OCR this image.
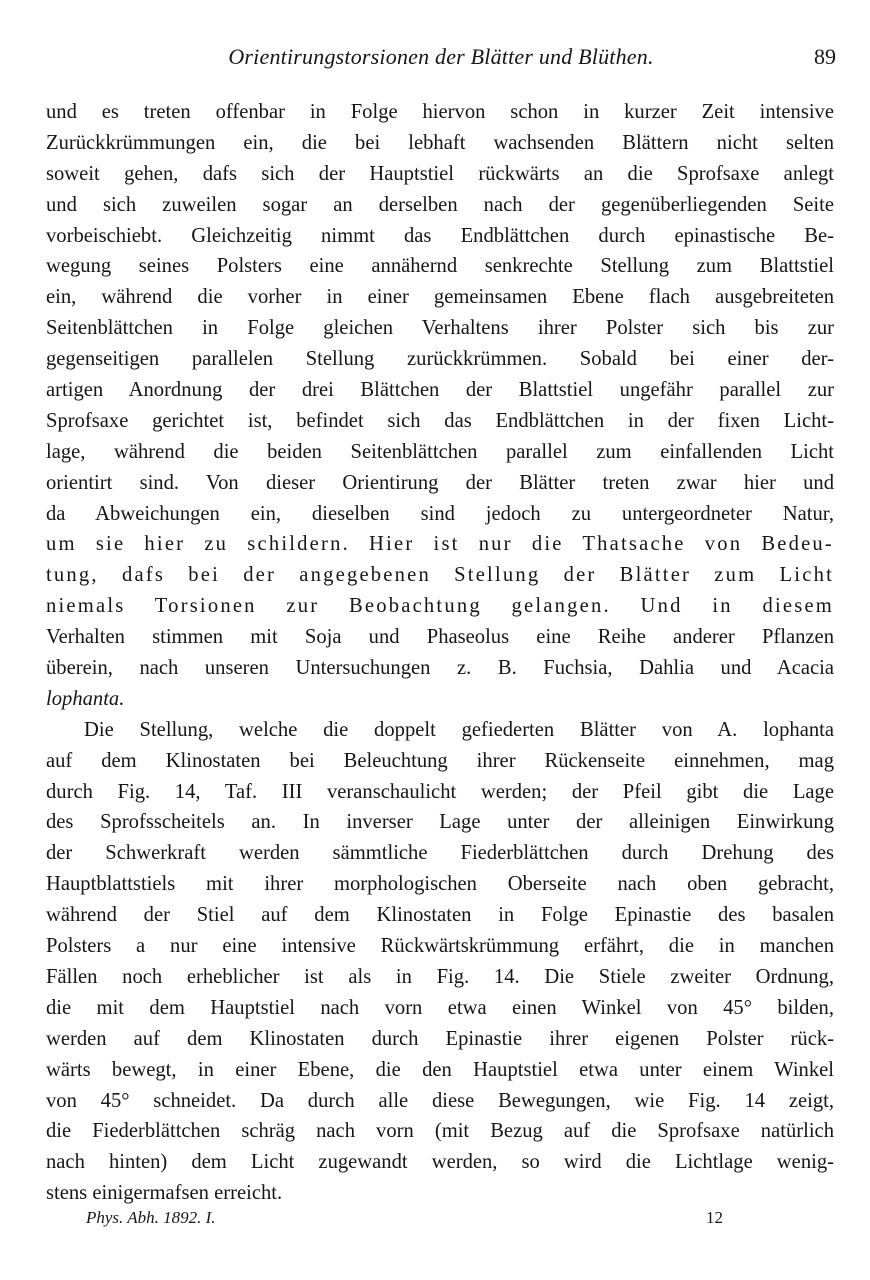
Orientirungstorsionen der Blätter und Blüthen.	89
und es treten offenbar in Folge hiervon schon in kurzer Zeit intensive
Zurückkrümmungen ein, die bei lebhaft wachsenden Blättern nicht selten
soweit gehen, dafs sich der Hauptstiel rückwärts an die Sprofsaxe anlegt
und sich zuweilen sogar an derselben nach der gegenüberliegenden Seite
vorbeischiebt. Gleichzeitig nimmt das Endblättchen durch epinastische Be-
wegung seines Polsters eine annähernd senkrechte Stellung zum Blattstiel
ein, während die vorher in einer gemeinsamen Ebene flach ausgebreiteten
Seitenblättchen in Folge gleichen Verhaltens ihrer Polster sich bis zur
gegenseitigen parallelen Stellung zurückkrümmen. Sobald bei einer der-
artigen Anordnung der drei Blättchen der Blattstiel ungefähr parallel zur
Sprofsaxe gerichtet ist, befindet sich das Endblättchen in der fixen Licht-
lage, während die beiden Seitenblättchen parallel zum einfallenden Licht
orientirt sind. Von dieser Orientirung der Blätter treten zwar hier und
da Abweichungen ein, dieselben sind jedoch zu untergeordneter Natur,
um sie hier zu schildern. Hier ist nur die Thatsache von Bedeu-
tung, dafs bei der angegebenen Stellung der Blätter zum Licht
niemals Torsionen zur Beobachtung gelangen. Und in diesem
Verhalten stimmen mit Soja und Phaseolus eine Reihe anderer Pflanzen
überein, nach unseren Untersuchungen z. B. Fuchsia, Dahlia und Acacia
lophanta.
Die Stellung, welche die doppelt gefiederten Blätter von A. lophanta
auf dem Klinostaten bei Beleuchtung ihrer Rückenseite einnehmen, mag
durch Fig. 14, Taf. III veranschaulicht werden; der Pfeil gibt die Lage
des Sprofsscheitels an. In inverser Lage unter der alleinigen Einwirkung
der Schwerkraft werden sämmtliche Fiederblättchen durch Drehung des
Hauptblattstiels mit ihrer morphologischen Oberseite nach oben gebracht,
während der Stiel auf dem Klinostaten in Folge Epinastie des basalen
Polsters a nur eine intensive Rückwärtskrümmung erfährt, die in manchen
Fällen noch erheblicher ist als in Fig. 14. Die Stiele zweiter Ordnung,
die mit dem Hauptstiel nach vorn etwa einen Winkel von 45° bilden,
werden auf dem Klinostaten durch Epinastie ihrer eigenen Polster rück-
wärts bewegt, in einer Ebene, die den Hauptstiel etwa unter einem Winkel
von 45° schneidet. Da durch alle diese Bewegungen, wie Fig. 14 zeigt,
die Fiederblättchen schräg nach vorn (mit Bezug auf die Sprofsaxe natürlich
nach hinten) dem Licht zugewandt werden, so wird die Lichtlage wenig-
stens einigermafsen erreicht.
Phys. Abh. 1892. I.	12
